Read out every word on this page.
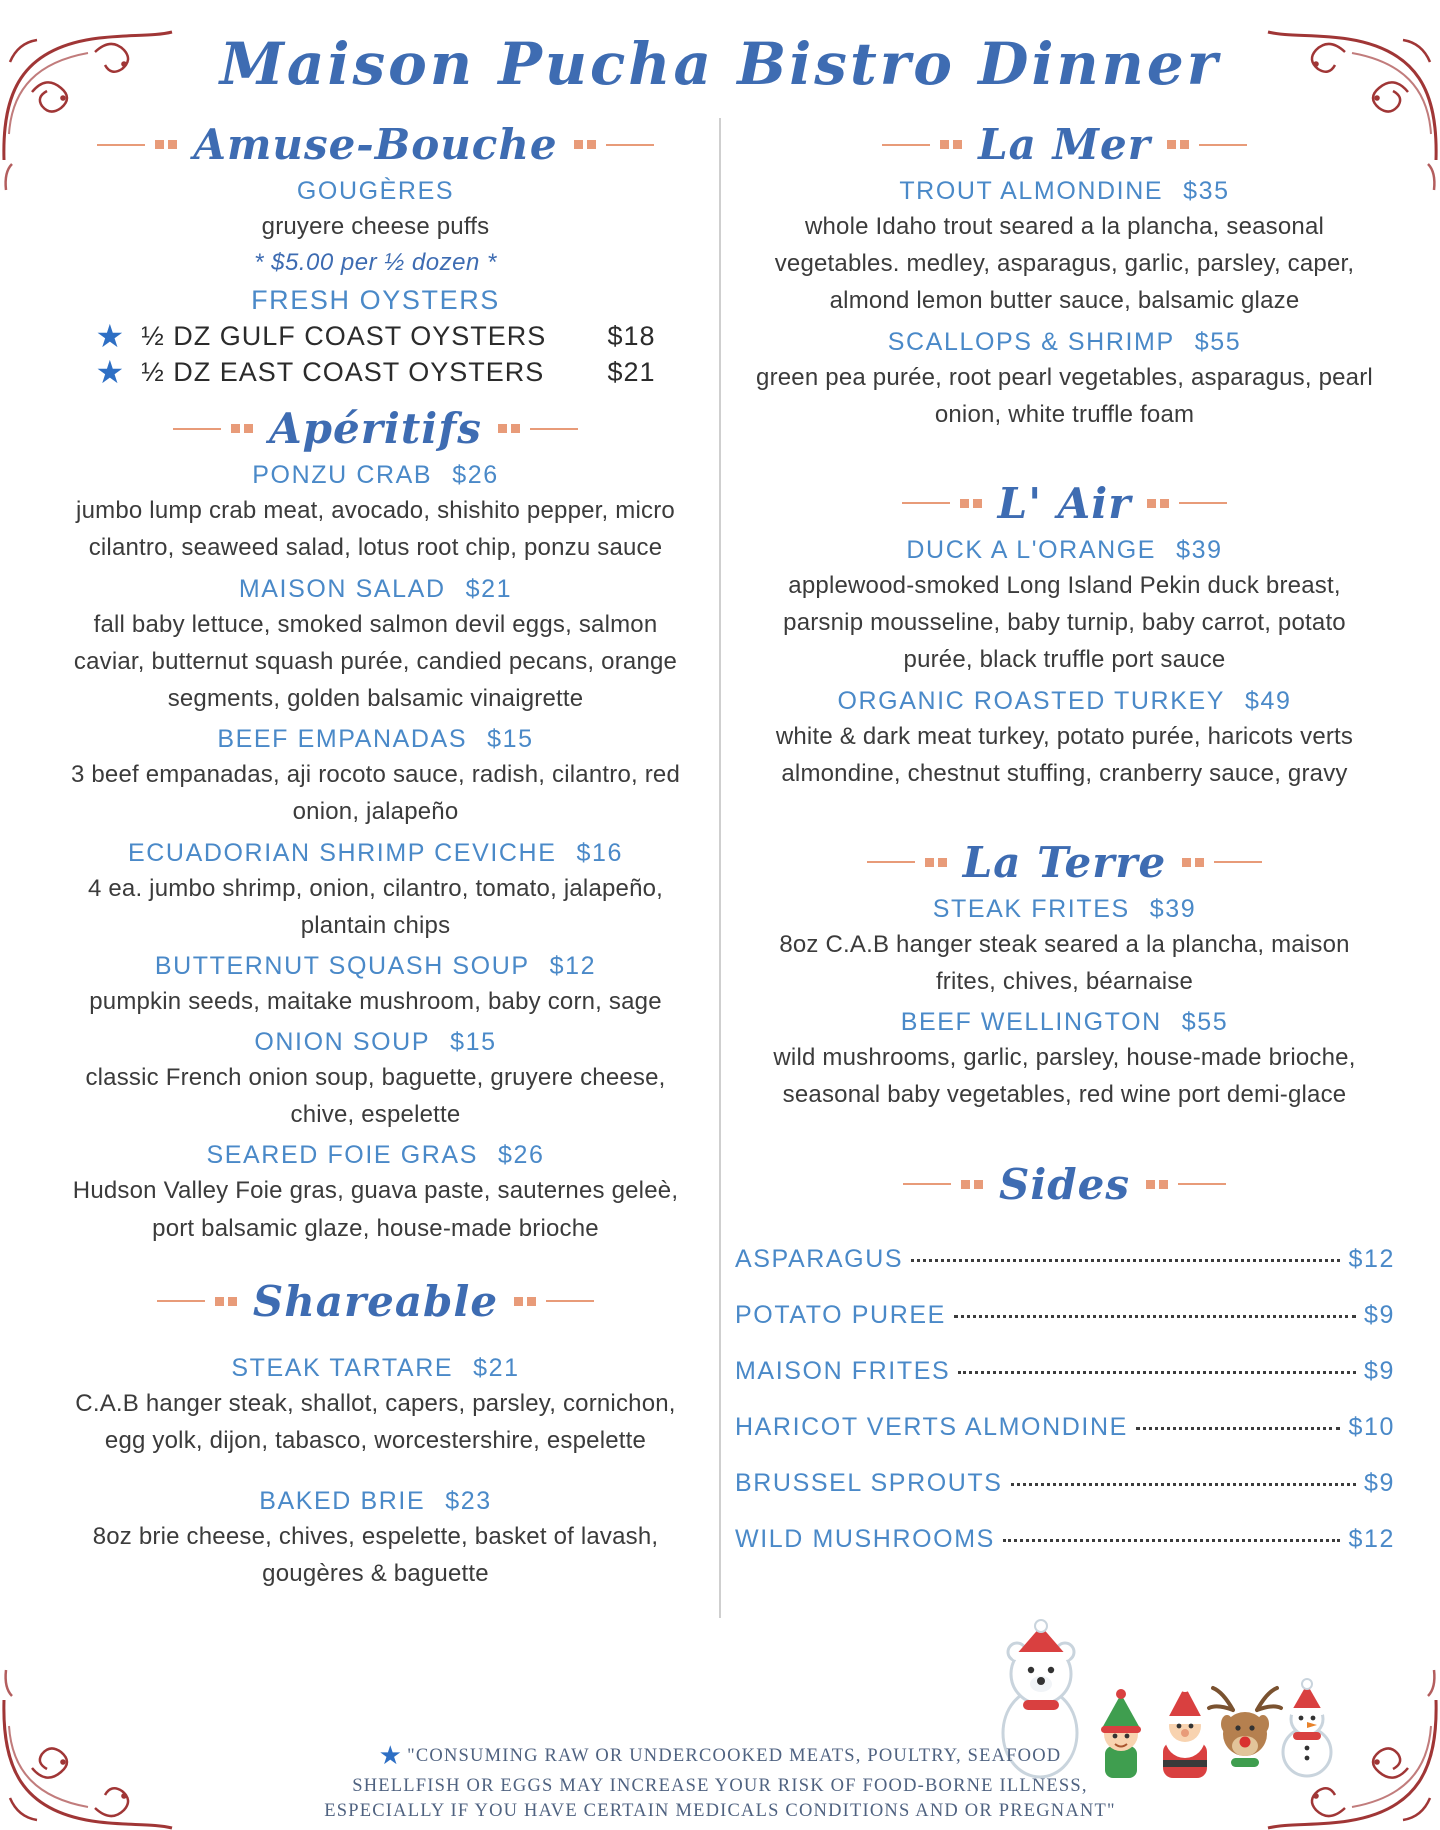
Maison Pucha Bistro Dinner
Amuse-Bouche
GOUGÈRES
gruyere cheese puffs
* $5.00 per ½ dozen *
FRESH OYSTERS
★ ½ DZ GULF COAST OYSTERS $18
★ ½ DZ EAST COAST OYSTERS $21
Apéritifs
PONZU CRAB $26
jumbo lump crab meat, avocado, shishito pepper, micro cilantro, seaweed salad, lotus root chip, ponzu sauce
MAISON SALAD $21
fall baby lettuce, smoked salmon devil eggs, salmon caviar, butternut squash purée, candied pecans, orange segments, golden balsamic vinaigrette
BEEF EMPANADAS $15
3 beef empanadas, aji rocoto sauce, radish, cilantro, red onion, jalapeño
ECUADORIAN SHRIMP CEVICHE $16
4 ea. jumbo shrimp, onion, cilantro, tomato, jalapeño, plantain chips
BUTTERNUT SQUASH SOUP $12
pumpkin seeds, maitake mushroom, baby corn, sage
ONION SOUP $15
classic French onion soup, baguette, gruyere cheese, chive, espelette
SEARED FOIE GRAS $26
Hudson Valley Foie gras, guava paste, sauternes geleè, port balsamic glaze, house-made brioche
Shareable
STEAK TARTARE $21
C.A.B hanger steak, shallot, capers, parsley, cornichon, egg yolk, dijon, tabasco, worcestershire, espelette
BAKED BRIE $23
8oz brie cheese, chives, espelette, basket of lavash, gougères & baguette
La Mer
TROUT ALMONDINE $35
whole Idaho trout seared a la plancha, seasonal vegetables. medley, asparagus, garlic, parsley, caper, almond lemon butter sauce, balsamic glaze
SCALLOPS & SHRIMP $55
green pea purée, root pearl vegetables, asparagus, pearl onion, white truffle foam
L' Air
DUCK A L'ORANGE $39
applewood-smoked Long Island Pekin duck breast, parsnip mousseline, baby turnip, baby carrot, potato purée, black truffle port sauce
ORGANIC ROASTED TURKEY $49
white & dark meat turkey, potato purée, haricots verts almondine, chestnut stuffing, cranberry sauce, gravy
La Terre
STEAK FRITES $39
8oz C.A.B hanger steak seared a la plancha, maison frites, chives, béarnaise
BEEF WELLINGTON $55
wild mushrooms, garlic, parsley, house-made brioche, seasonal baby vegetables, red wine port demi-glace
Sides
ASPARAGUS	$12
POTATO PUREE	$9
MAISON FRITES	$9
HARICOT VERTS ALMONDINE	$10
BRUSSEL SPROUTS	$9
WILD MUSHROOMS	$12
★ "CONSUMING RAW OR UNDERCOOKED MEATS, POULTRY, SEAFOOD
SHELLFISH OR EGGS MAY INCREASE YOUR RISK OF FOOD-BORNE ILLNESS,
ESPECIALLY IF YOU HAVE CERTAIN MEDICALS CONDITIONS AND OR PREGNANT"
